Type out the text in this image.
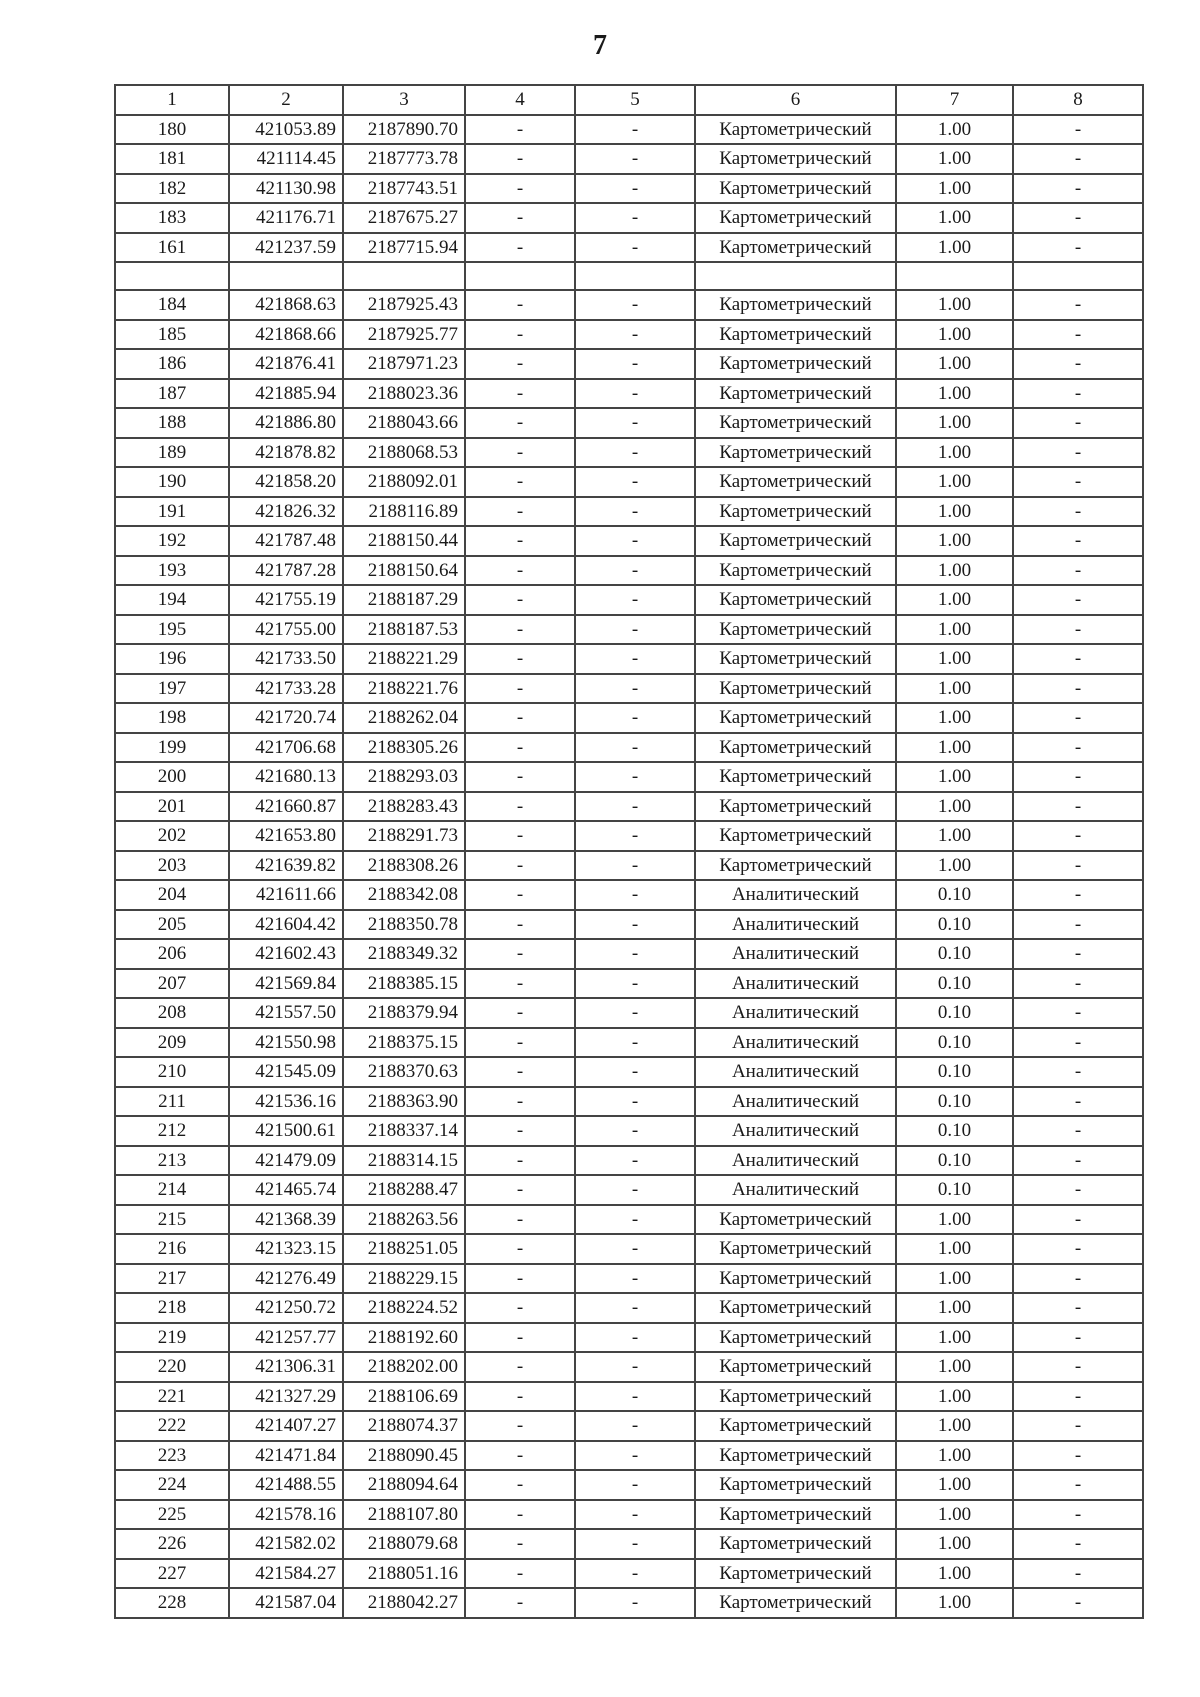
7
1	2	3	4	5	6	7	8
180	421053.89	2187890.70	-	-	Картометрический	1.00	-
181	421114.45	2187773.78	-	-	Картометрический	1.00	-
182	421130.98	2187743.51	-	-	Картометрический	1.00	-
183	421176.71	2187675.27	-	-	Картометрический	1.00	-
161	421237.59	2187715.94	-	-	Картометрический	1.00	-

184	421868.63	2187925.43	-	-	Картометрический	1.00	-
185	421868.66	2187925.77	-	-	Картометрический	1.00	-
186	421876.41	2187971.23	-	-	Картометрический	1.00	-
187	421885.94	2188023.36	-	-	Картометрический	1.00	-
188	421886.80	2188043.66	-	-	Картометрический	1.00	-
189	421878.82	2188068.53	-	-	Картометрический	1.00	-
190	421858.20	2188092.01	-	-	Картометрический	1.00	-
191	421826.32	2188116.89	-	-	Картометрический	1.00	-
192	421787.48	2188150.44	-	-	Картометрический	1.00	-
193	421787.28	2188150.64	-	-	Картометрический	1.00	-
194	421755.19	2188187.29	-	-	Картометрический	1.00	-
195	421755.00	2188187.53	-	-	Картометрический	1.00	-
196	421733.50	2188221.29	-	-	Картометрический	1.00	-
197	421733.28	2188221.76	-	-	Картометрический	1.00	-
198	421720.74	2188262.04	-	-	Картометрический	1.00	-
199	421706.68	2188305.26	-	-	Картометрический	1.00	-
200	421680.13	2188293.03	-	-	Картометрический	1.00	-
201	421660.87	2188283.43	-	-	Картометрический	1.00	-
202	421653.80	2188291.73	-	-	Картометрический	1.00	-
203	421639.82	2188308.26	-	-	Картометрический	1.00	-
204	421611.66	2188342.08	-	-	Аналитический	0.10	-
205	421604.42	2188350.78	-	-	Аналитический	0.10	-
206	421602.43	2188349.32	-	-	Аналитический	0.10	-
207	421569.84	2188385.15	-	-	Аналитический	0.10	-
208	421557.50	2188379.94	-	-	Аналитический	0.10	-
209	421550.98	2188375.15	-	-	Аналитический	0.10	-
210	421545.09	2188370.63	-	-	Аналитический	0.10	-
211	421536.16	2188363.90	-	-	Аналитический	0.10	-
212	421500.61	2188337.14	-	-	Аналитический	0.10	-
213	421479.09	2188314.15	-	-	Аналитический	0.10	-
214	421465.74	2188288.47	-	-	Аналитический	0.10	-
215	421368.39	2188263.56	-	-	Картометрический	1.00	-
216	421323.15	2188251.05	-	-	Картометрический	1.00	-
217	421276.49	2188229.15	-	-	Картометрический	1.00	-
218	421250.72	2188224.52	-	-	Картометрический	1.00	-
219	421257.77	2188192.60	-	-	Картометрический	1.00	-
220	421306.31	2188202.00	-	-	Картометрический	1.00	-
221	421327.29	2188106.69	-	-	Картометрический	1.00	-
222	421407.27	2188074.37	-	-	Картометрический	1.00	-
223	421471.84	2188090.45	-	-	Картометрический	1.00	-
224	421488.55	2188094.64	-	-	Картометрический	1.00	-
225	421578.16	2188107.80	-	-	Картометрический	1.00	-
226	421582.02	2188079.68	-	-	Картометрический	1.00	-
227	421584.27	2188051.16	-	-	Картометрический	1.00	-
228	421587.04	2188042.27	-	-	Картометрический	1.00	-
